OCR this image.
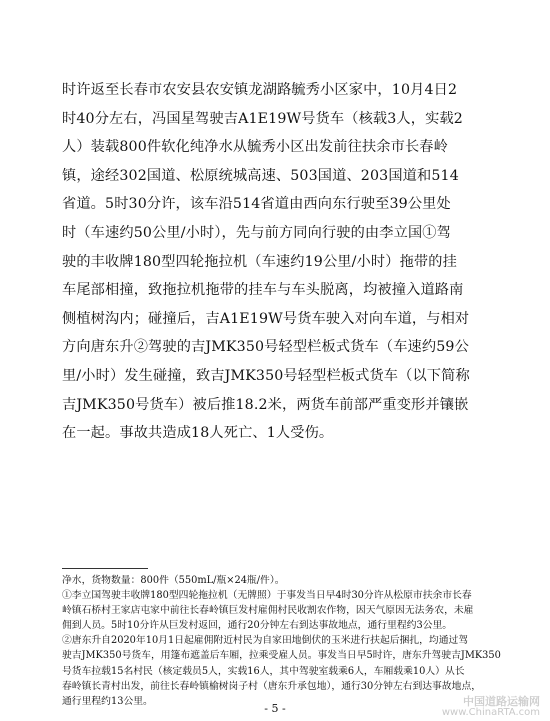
时许返至长春市农安县农安镇龙湖路毓秀小区家中，10月4日2
时40分左右，冯国星驾驶吉A1E19W号货车（核载3人，实载2
人）装载800件软化纯净水从毓秀小区出发前往扶余市长春岭
镇，途经302国道、松原统城高速、503国道、203国道和514
省道。5时30分许，该车沿514省道由西向东行驶至39公里处
时（车速约50公里/小时），先与前方同向行驶的由李立国①驾
驶的丰收牌180型四轮拖拉机（车速约19公里/小时）拖带的挂
车尾部相撞，致拖拉机拖带的挂车与车头脱离，均被撞入道路南
侧植树沟内；碰撞后，吉A1E19W号货车驶入对向车道，与相对
方向唐东升②驾驶的吉JMK350号轻型栏板式货车（车速约59公
里/小时）发生碰撞，致吉JMK350号轻型栏板式货车（以下简称
吉JMK350号货车）被后推18.2米，两货车前部严重变形并镶嵌
在一起。事故共造成18人死亡、1人受伤。
净水，货物数量：800件（550mL/瓶×24瓶/件）。
①李立国驾驶丰收牌180型四轮拖拉机（无牌照）于事发当日早4时30分许从松原市扶余市长春
岭镇石桥村王家店屯家中前往长春岭镇巨发村雇佣村民收割农作物，因天气原因无法务农，未雇
佣到人员。5时10分许从巨发村返回，通行20分钟左右到达事故地点，通行里程约3公里。
②唐东升自2020年10月1日起雇佣附近村民为自家田地倒伏的玉米进行扶起后捆扎，均通过驾
驶吉JMK350号货车，用篷布遮盖后车厢，拉乘受雇人员。事发当日早5时许，唐东升驾驶吉JMK350
号货车拉载15名村民（核定载员5人，实载16人，其中驾驶室载乘6人，车厢载乘10人）从长
春岭镇长青村出发，前往长春岭镇榆树岗子村（唐东升承包地），通行30分钟左右到达事故地点，
通行里程约13公里。
- 5 -
中国道路运输网
www.ChinaRTA.com
